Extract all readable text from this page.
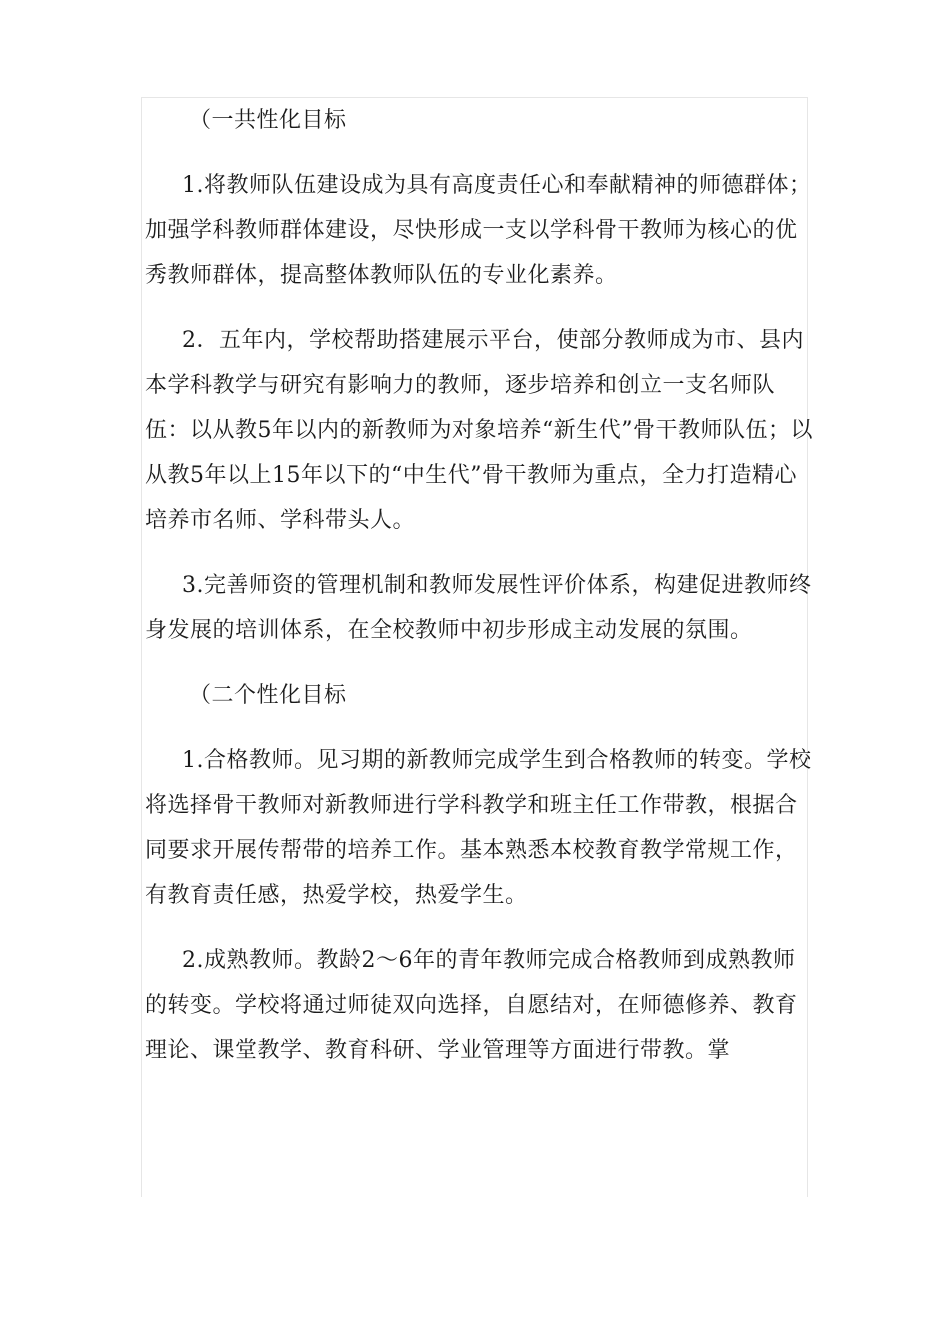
（一共性化目标

1.将教师队伍建设成为具有高度责任心和奉献精神的师德群体；加强学科教师群体建设，尽快形成一支以学科骨干教师为核心的优秀教师群体，提高整体教师队伍的专业化素养。

2．五年内，学校帮助搭建展示平台，使部分教师成为市、县内本学科教学与研究有影响力的教师，逐步培养和创立一支名师队伍：以从教5年以内的新教师为对象培养“新生代”骨干教师队伍；以从教5年以上15年以下的“中生代”骨干教师为重点，全力打造精心培养市名师、学科带头人。

3.完善师资的管理机制和教师发展性评价体系，构建促进教师终身发展的培训体系，在全校教师中初步形成主动发展的氛围。

（二个性化目标

1.合格教师。见习期的新教师完成学生到合格教师的转变。学校将选择骨干教师对新教师进行学科教学和班主任工作带教，根据合同要求开展传帮带的培养工作。基本熟悉本校教育教学常规工作，有教育责任感，热爱学校，热爱学生。

2.成熟教师。教龄2～6年的青年教师完成合格教师到成熟教师的转变。学校将通过师徒双向选择，自愿结对，在师德修养、教育理论、课堂教学、教育科研、学业管理等方面进行带教。掌
